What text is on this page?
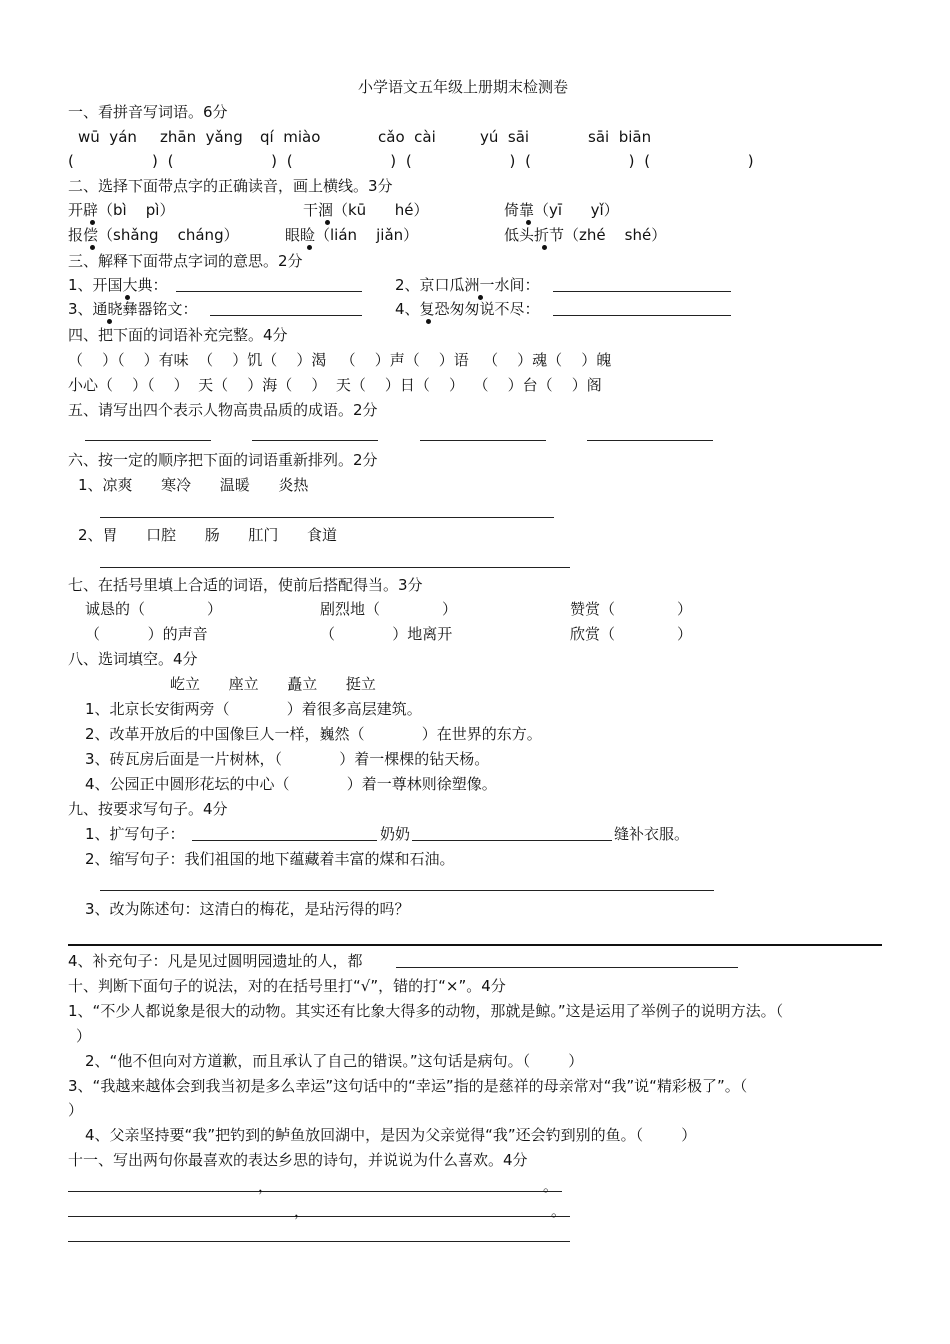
小学语文五年级上册期末检测卷
一、看拼音写词语。6分
wū  yán zhān  yǎng qí  miào	cǎo  cài	yú  sāi	sāi  biān
(        ) (          ) (          ) (          ) (          ) (          )
二、选择下面带点字的正确读音，画上横线。3分
开辟（bì    pì）	干涸（kū      hé）	倚靠（yī      yǐ）
报偿（shǎng    cháng）	眼睑（lián    jiǎn）	低头折节（zhé    shé）
三、解释下面带点字词的意思。2分
1、开国大典：	2、京口瓜洲一水间：
3、通晓彝器铭文：	4、复恐匆匆说不尽：
四、把下面的词语补充完整。4分
（    ）（    ）有味  （    ）饥（    ）渴   （    ）声（    ）语   （    ）魂（    ）魄
小心（    ）（    ）  天（    ）海（    ）  天（    ）日（    ）  （    ）台（    ）阁
五、请写出四个表示人物高贵品质的成语。2分
六、按一定的顺序把下面的词语重新排列。2分
1、凉爽      寒冷      温暖      炎热
2、胃      口腔      肠      肛门      食道
七、在括号里填上合适的词语，使前后搭配得当。3分
诚恳的（             ）	剧烈地（             ）	赞赏（             ）
（          ）的声音	（            ）地离开	欣赏（             ）
八、选词填空。4分
屹立      座立      矗立      挺立
1、北京长安街两旁（            ）着很多高层建筑。
2、改革开放后的中国像巨人一样，巍然（            ）在世界的东方。
3、砖瓦房后面是一片树林，（            ）着一棵棵的钻天杨。
4、公园正中圆形花坛的中心（            ）着一尊林则徐塑像。
九、按要求写句子。4分
1、扩写句子：	奶奶	缝补衣服。
2、缩写句子：我们祖国的地下蕴藏着丰富的煤和石油。
3、改为陈述句：这清白的梅花，是玷污得的吗？
4、补充句子：凡是见过圆明园遗址的人，都
十、判断下面句子的说法，对的在括号里打“√”，错的打“×”。4分
1、“不少人都说象是很大的动物。其实还有比象大得多的动物，那就是鲸。”这是运用了举例子的说明方法。（
）
2、“他不但向对方道歉，而且承认了自己的错误。”这句话是病句。（        ）
3、“我越来越体会到我当初是多么幸运”这句话中的“幸运”指的是慈祥的母亲常对“我”说“精彩极了”。（
）
4、父亲坚持要“我”把钓到的鲈鱼放回湖中，是因为父亲觉得“我”还会钓到别的鱼。（        ）
十一、写出两句你最喜欢的表达乡思的诗句，并说说为什么喜欢。4分
，	。
，	。
